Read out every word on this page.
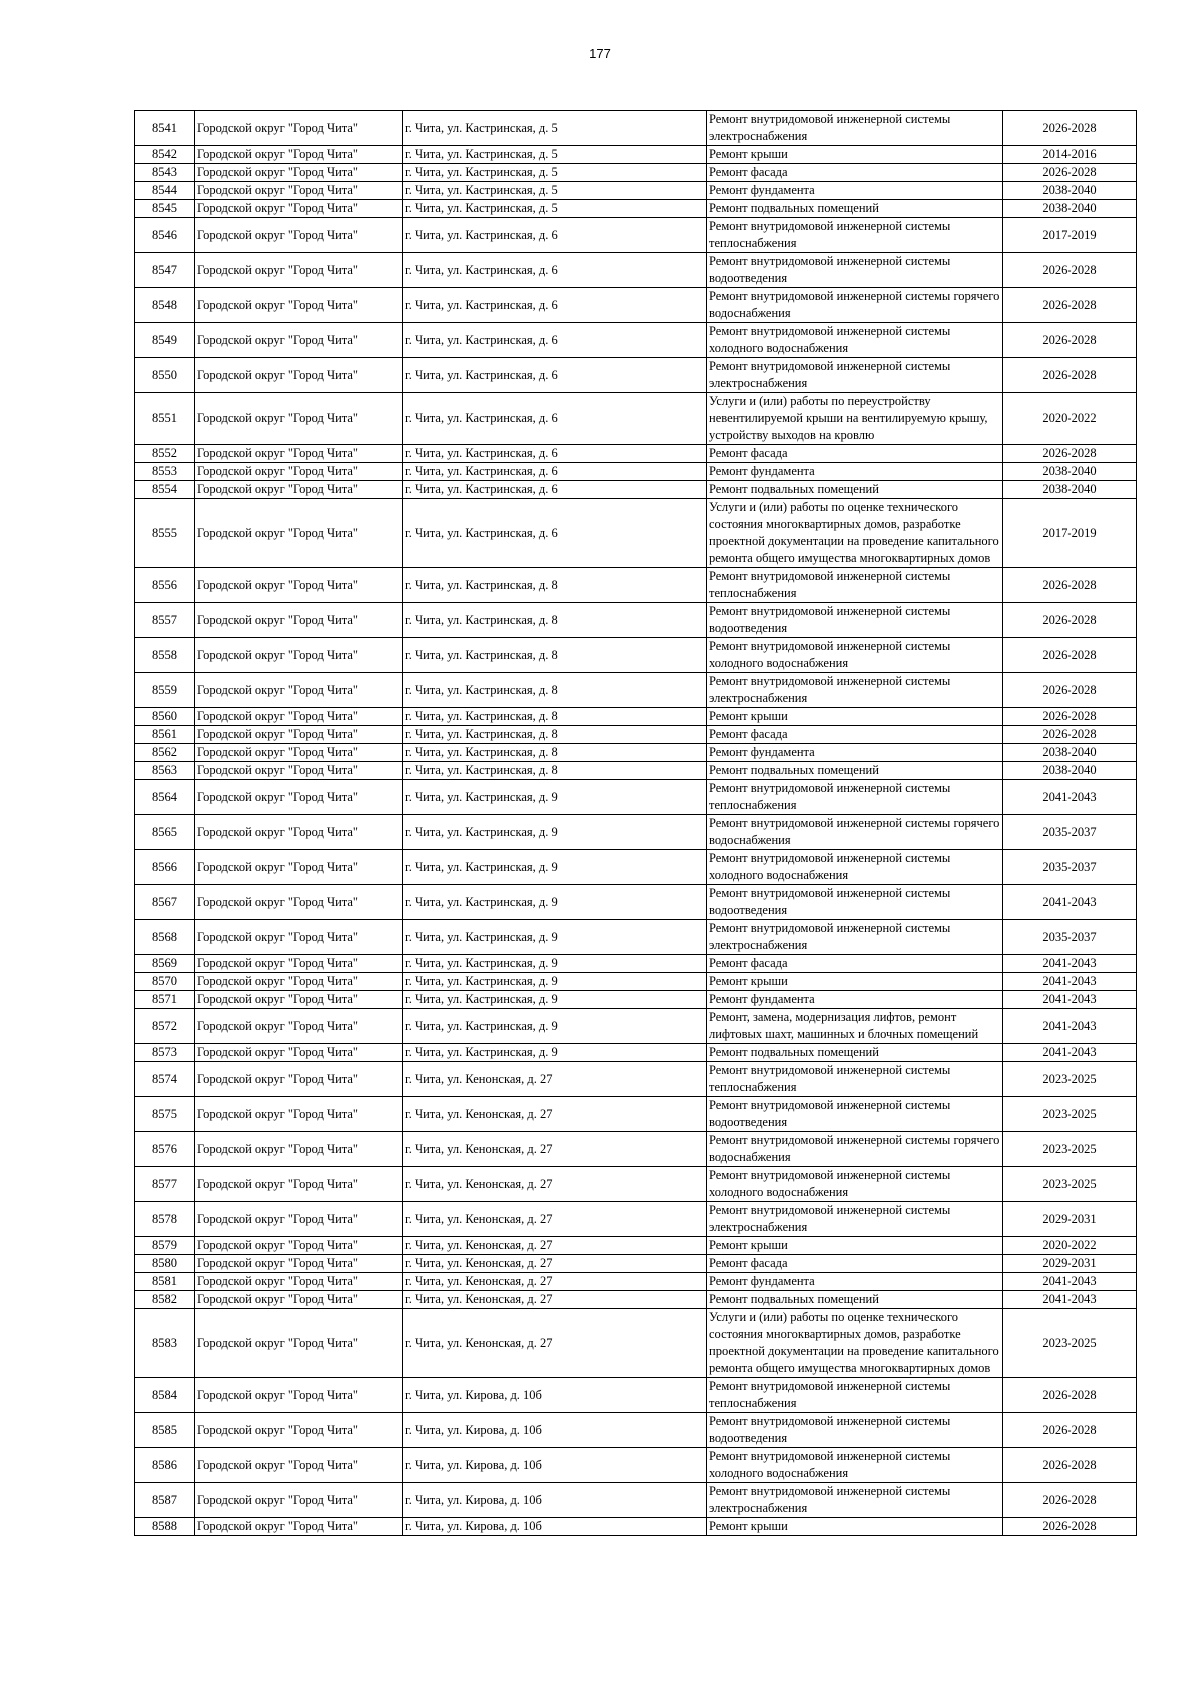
177
8541	Городской округ "Город Чита"	г. Чита, ул. Кастринская, д. 5	Ремонт внутридомовой инженерной системы электроснабжения	2026-2028
8542	Городской округ "Город Чита"	г. Чита, ул. Кастринская, д. 5	Ремонт крыши	2014-2016
8543	Городской округ "Город Чита"	г. Чита, ул. Кастринская, д. 5	Ремонт фасада	2026-2028
8544	Городской округ "Город Чита"	г. Чита, ул. Кастринская, д. 5	Ремонт фундамента	2038-2040
8545	Городской округ "Город Чита"	г. Чита, ул. Кастринская, д. 5	Ремонт подвальных помещений	2038-2040
8546	Городской округ "Город Чита"	г. Чита, ул. Кастринская, д. 6	Ремонт внутридомовой инженерной системы теплоснабжения	2017-2019
8547	Городской округ "Город Чита"	г. Чита, ул. Кастринская, д. 6	Ремонт внутридомовой инженерной системы водоотведения	2026-2028
8548	Городской округ "Город Чита"	г. Чита, ул. Кастринская, д. 6	Ремонт внутридомовой инженерной системы горячего водоснабжения	2026-2028
8549	Городской округ "Город Чита"	г. Чита, ул. Кастринская, д. 6	Ремонт внутридомовой инженерной системы холодного водоснабжения	2026-2028
8550	Городской округ "Город Чита"	г. Чита, ул. Кастринская, д. 6	Ремонт внутридомовой инженерной системы электроснабжения	2026-2028
8551	Городской округ "Город Чита"	г. Чита, ул. Кастринская, д. 6	Услуги и (или) работы по переустройству невентилируемой крыши на вентилируемую крышу, устройству выходов на кровлю	2020-2022
8552	Городской округ "Город Чита"	г. Чита, ул. Кастринская, д. 6	Ремонт фасада	2026-2028
8553	Городской округ "Город Чита"	г. Чита, ул. Кастринская, д. 6	Ремонт фундамента	2038-2040
8554	Городской округ "Город Чита"	г. Чита, ул. Кастринская, д. 6	Ремонт подвальных помещений	2038-2040
8555	Городской округ "Город Чита"	г. Чита, ул. Кастринская, д. 6	Услуги и (или) работы по оценке технического состояния многоквартирных домов, разработке проектной документации на проведение капитального ремонта общего имущества многоквартирных домов	2017-2019
8556	Городской округ "Город Чита"	г. Чита, ул. Кастринская, д. 8	Ремонт внутридомовой инженерной системы теплоснабжения	2026-2028
8557	Городской округ "Город Чита"	г. Чита, ул. Кастринская, д. 8	Ремонт внутридомовой инженерной системы водоотведения	2026-2028
8558	Городской округ "Город Чита"	г. Чита, ул. Кастринская, д. 8	Ремонт внутридомовой инженерной системы холодного водоснабжения	2026-2028
8559	Городской округ "Город Чита"	г. Чита, ул. Кастринская, д. 8	Ремонт внутридомовой инженерной системы электроснабжения	2026-2028
8560	Городской округ "Город Чита"	г. Чита, ул. Кастринская, д. 8	Ремонт крыши	2026-2028
8561	Городской округ "Город Чита"	г. Чита, ул. Кастринская, д. 8	Ремонт фасада	2026-2028
8562	Городской округ "Город Чита"	г. Чита, ул. Кастринская, д. 8	Ремонт фундамента	2038-2040
8563	Городской округ "Город Чита"	г. Чита, ул. Кастринская, д. 8	Ремонт подвальных помещений	2038-2040
8564	Городской округ "Город Чита"	г. Чита, ул. Кастринская, д. 9	Ремонт внутридомовой инженерной системы теплоснабжения	2041-2043
8565	Городской округ "Город Чита"	г. Чита, ул. Кастринская, д. 9	Ремонт внутридомовой инженерной системы горячего водоснабжения	2035-2037
8566	Городской округ "Город Чита"	г. Чита, ул. Кастринская, д. 9	Ремонт внутридомовой инженерной системы холодного водоснабжения	2035-2037
8567	Городской округ "Город Чита"	г. Чита, ул. Кастринская, д. 9	Ремонт внутридомовой инженерной системы водоотведения	2041-2043
8568	Городской округ "Город Чита"	г. Чита, ул. Кастринская, д. 9	Ремонт внутридомовой инженерной системы электроснабжения	2035-2037
8569	Городской округ "Город Чита"	г. Чита, ул. Кастринская, д. 9	Ремонт фасада	2041-2043
8570	Городской округ "Город Чита"	г. Чита, ул. Кастринская, д. 9	Ремонт крыши	2041-2043
8571	Городской округ "Город Чита"	г. Чита, ул. Кастринская, д. 9	Ремонт фундамента	2041-2043
8572	Городской округ "Город Чита"	г. Чита, ул. Кастринская, д. 9	Ремонт, замена, модернизация лифтов, ремонт лифтовых шахт, машинных и блочных помещений	2041-2043
8573	Городской округ "Город Чита"	г. Чита, ул. Кастринская, д. 9	Ремонт подвальных помещений	2041-2043
8574	Городской округ "Город Чита"	г. Чита, ул. Кенонская, д. 27	Ремонт внутридомовой инженерной системы теплоснабжения	2023-2025
8575	Городской округ "Город Чита"	г. Чита, ул. Кенонская, д. 27	Ремонт внутридомовой инженерной системы водоотведения	2023-2025
8576	Городской округ "Город Чита"	г. Чита, ул. Кенонская, д. 27	Ремонт внутридомовой инженерной системы горячего водоснабжения	2023-2025
8577	Городской округ "Город Чита"	г. Чита, ул. Кенонская, д. 27	Ремонт внутридомовой инженерной системы холодного водоснабжения	2023-2025
8578	Городской округ "Город Чита"	г. Чита, ул. Кенонская, д. 27	Ремонт внутридомовой инженерной системы электроснабжения	2029-2031
8579	Городской округ "Город Чита"	г. Чита, ул. Кенонская, д. 27	Ремонт крыши	2020-2022
8580	Городской округ "Город Чита"	г. Чита, ул. Кенонская, д. 27	Ремонт фасада	2029-2031
8581	Городской округ "Город Чита"	г. Чита, ул. Кенонская, д. 27	Ремонт фундамента	2041-2043
8582	Городской округ "Город Чита"	г. Чита, ул. Кенонская, д. 27	Ремонт подвальных помещений	2041-2043
8583	Городской округ "Город Чита"	г. Чита, ул. Кенонская, д. 27	Услуги и (или) работы по оценке технического состояния многоквартирных домов, разработке проектной документации на проведение капитального ремонта общего имущества многоквартирных домов	2023-2025
8584	Городской округ "Город Чита"	г. Чита, ул. Кирова, д. 10б	Ремонт внутридомовой инженерной системы теплоснабжения	2026-2028
8585	Городской округ "Город Чита"	г. Чита, ул. Кирова, д. 10б	Ремонт внутридомовой инженерной системы водоотведения	2026-2028
8586	Городской округ "Город Чита"	г. Чита, ул. Кирова, д. 10б	Ремонт внутридомовой инженерной системы холодного водоснабжения	2026-2028
8587	Городской округ "Город Чита"	г. Чита, ул. Кирова, д. 10б	Ремонт внутридомовой инженерной системы электроснабжения	2026-2028
8588	Городской округ "Город Чита"	г. Чита, ул. Кирова, д. 10б	Ремонт крыши	2026-2028
